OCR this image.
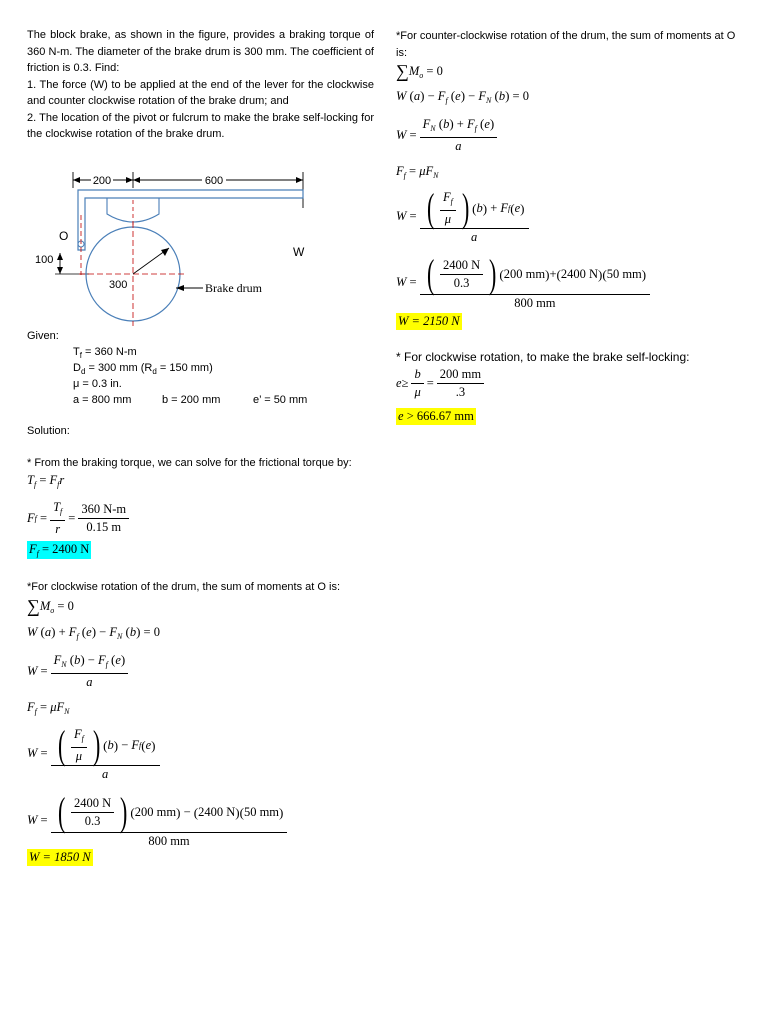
The block brake, as shown in the figure, provides a braking torque of 360 N-m. The diameter of the brake drum is 300 mm. The coefficient of friction is 0.3. Find:
1. The force (W) to be applied at the end of the lever for the clockwise and counter clockwise rotation of the brake drum; and
2. The location of the pivot or fulcrum to make the brake self-locking for the clockwise rotation of the brake drum.
200	600
O
100
300	Brake drum
W
Given:
$T_f = 360$ N-m
$D_d = 300$ mm ($R_d = 150$ mm)
μ = 0.3 in.
a = 800 mm	b = 200 mm	e’ = 50 mm
Solution:
* From the braking torque, we can solve for the frictional torque by:
$T_f = F_fr$
F f
= $\frac{T_f}{r} = \frac{360 N-m}{0.15 m}$
$F_f = 2400$ N
*For clockwise rotation of the drum, the sum of moments at O is:
$\sum M_o = 0$
W $(a) + F_f$ $(e) - F_N$ (b) = 0
$W = \frac{F_N (b) - F_f (e)}{a}$
$F_f = \mu F_N$
W = ( $\frac{F_f}{\mu}$ ) ( b )
− F f ( e )
a
$W = \frac{( \frac{2400 N}{0.3} ) ( 200 mm ) - ( 2400 N ) ( 50 mm )}{800 mm}$
W = 1850 N
*For counter-clockwise rotation of the drum, the sum of moments at O is:
$\sum M_o = 0$
W $(a) - F_f$ $(e) - F_N$ (b) = 0
$W = \frac{F_N (b) + F_f (e)}{a}$
$F_f = \mu F_N$
W = ( $\frac{F_f}{\mu}$ ) ( b )
+ F f ( e )
a
$W = \frac{( \frac{2400 N}{0.3} ) ( 200 mm ) + ( 2400 N ) ( 50 mm )}{800 mm}$
W = 2150 N
* For clockwise rotation, to make the brake self-locking:
$e \ge \frac{b}{\mu} = \frac{200 mm}{.3}$
e > 666.67 mm
